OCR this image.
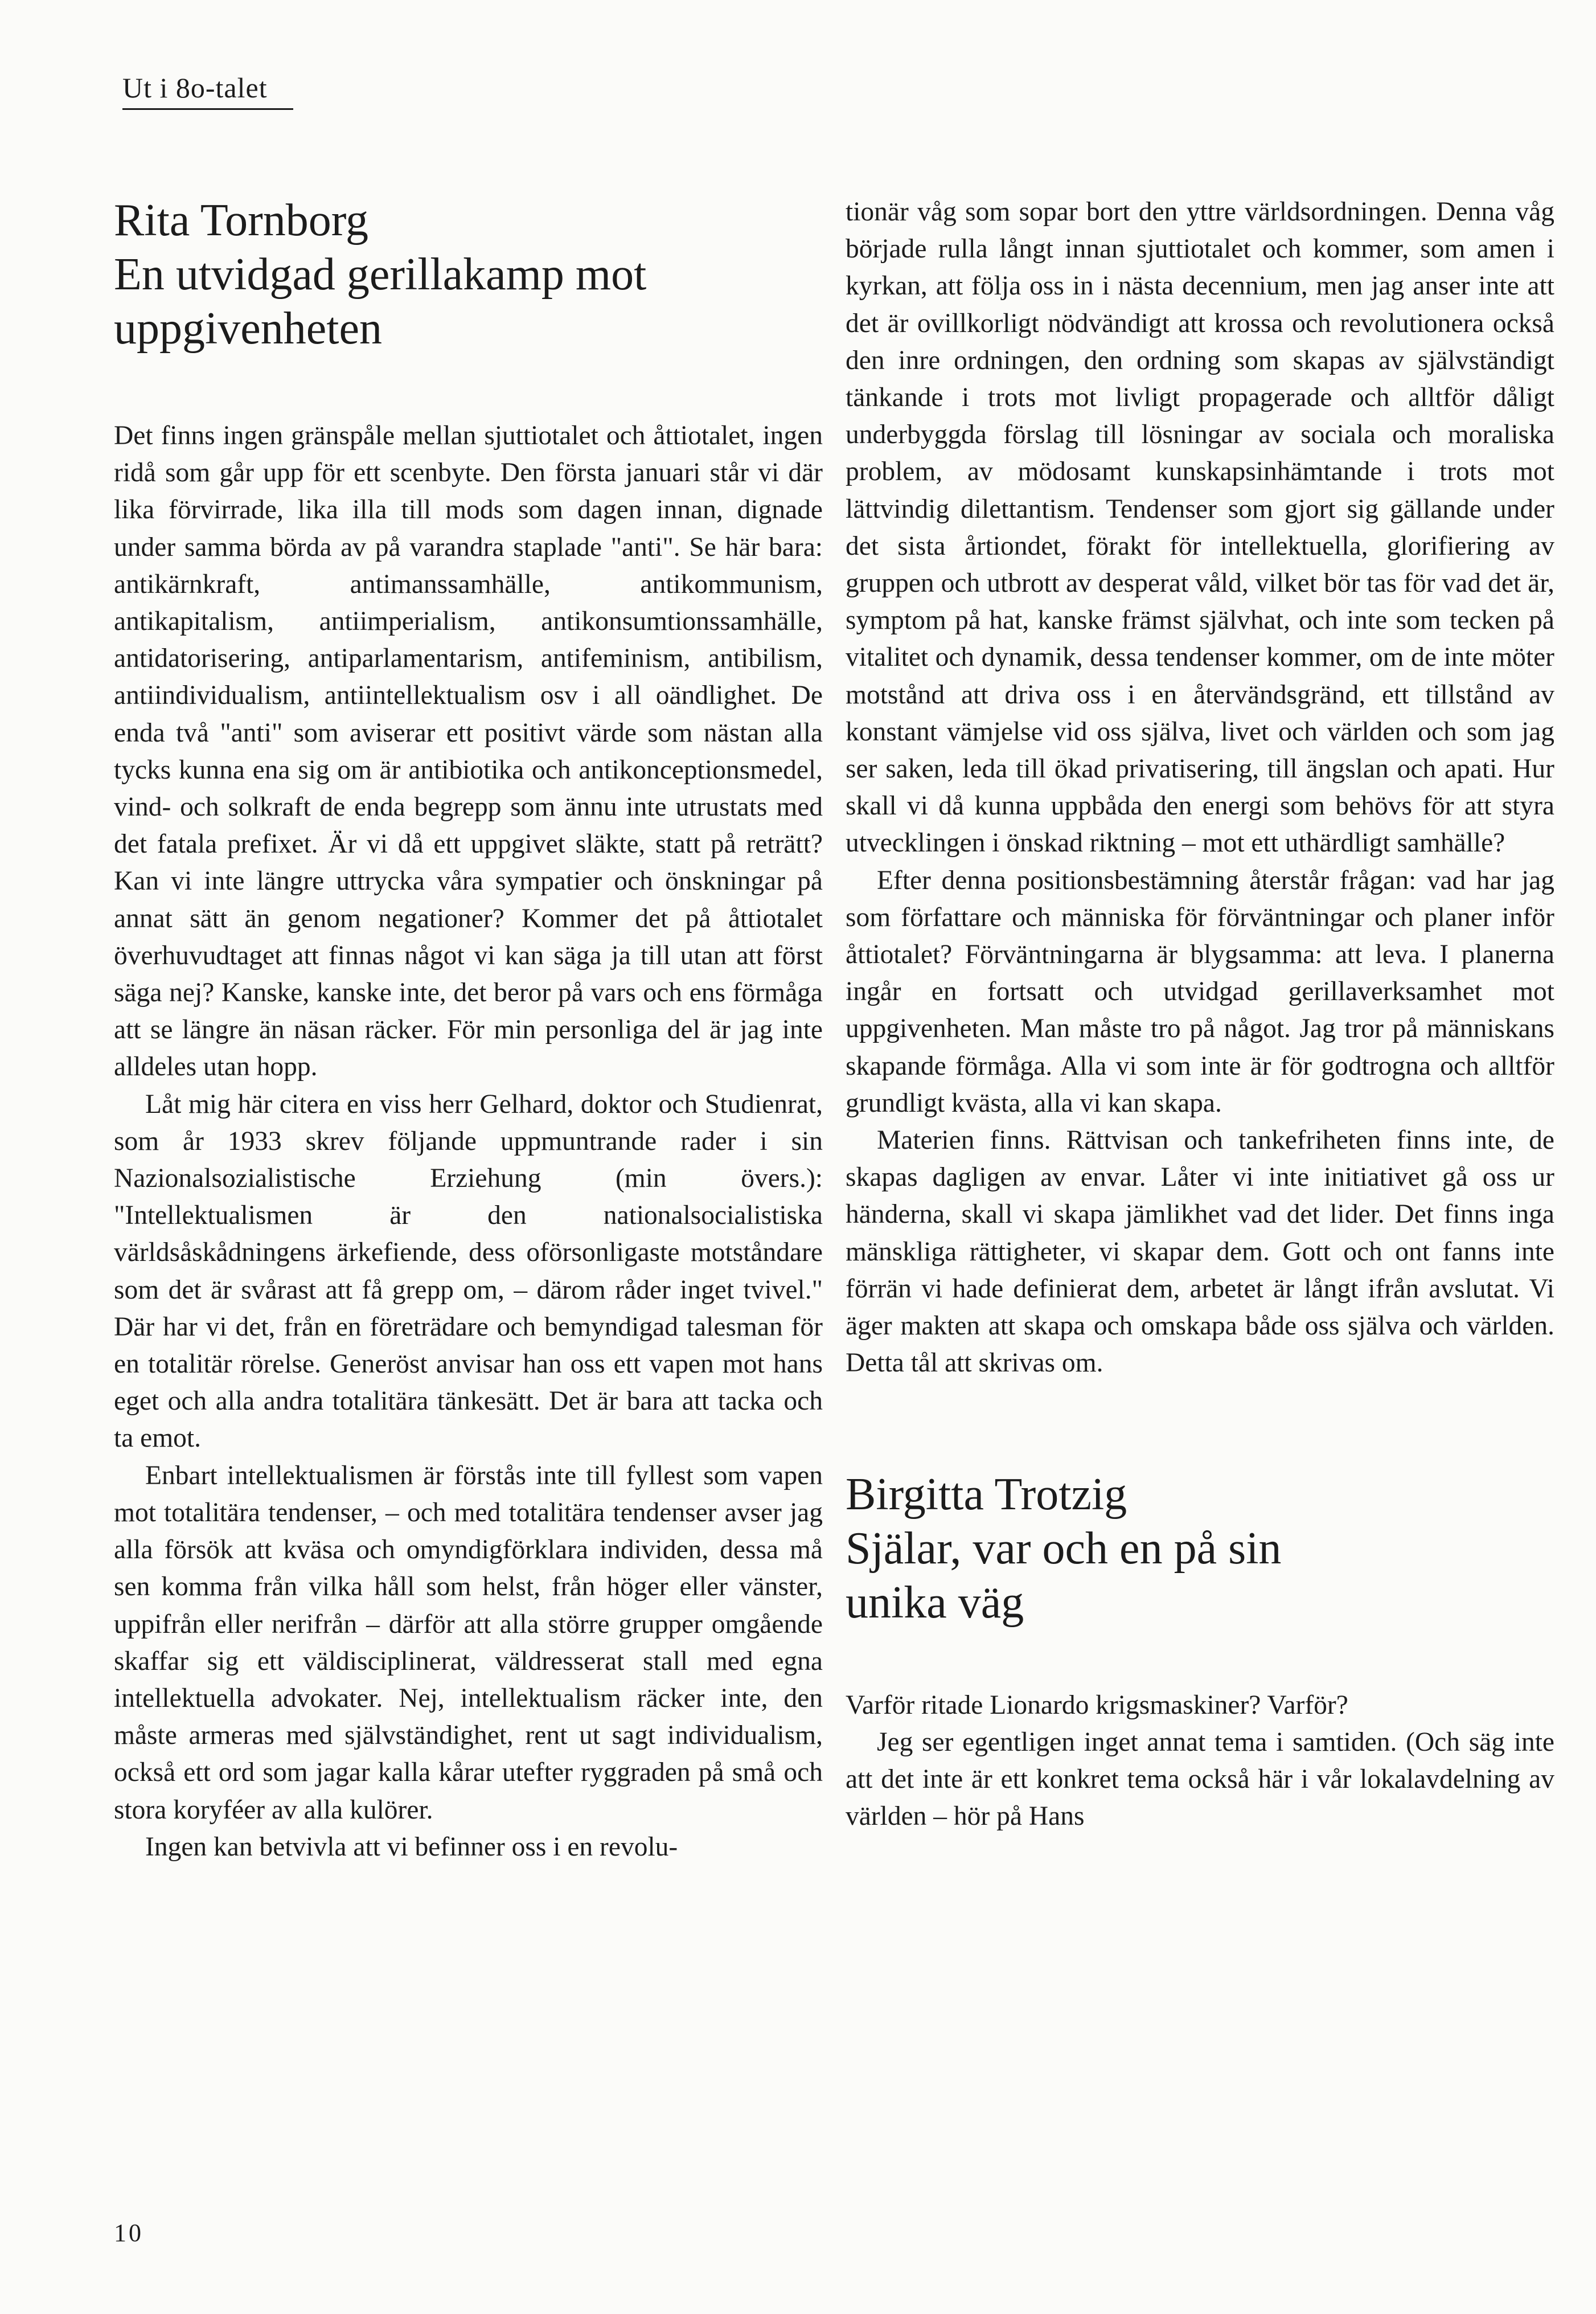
Ut i 8o-talet
Rita Tornborg
En utvidgad gerillakamp mot
uppgivenheten

Det finns ingen gränspåle mellan sjuttiotalet och åttiotalet, ingen ridå som går upp för ett scenbyte. Den första januari står vi där lika förvirrade, lika illa till mods som dagen innan, dignade under samma börda av på varandra staplade "anti". Se här bara: antikärnkraft, antimanssamhälle, antikommunism, antikapitalism, antiimperialism, antikonsumtionssamhälle, antidatorisering, antiparlamentarism, antifeminism, antibilism, antiindividualism, antiintellektualism osv i all oändlighet. De enda två "anti" som aviserar ett positivt värde som nästan alla tycks kunna ena sig om är antibiotika och antikonceptionsmedel, vind- och solkraft de enda begrepp som ännu inte utrustats med det fatala prefixet. Är vi då ett uppgivet släkte, statt på reträtt? Kan vi inte längre uttrycka våra sympatier och önskningar på annat sätt än genom negationer? Kommer det på åttiotalet överhuvudtaget att finnas något vi kan säga ja till utan att först säga nej? Kanske, kanske inte, det beror på vars och ens förmåga att se längre än näsan räcker. För min personliga del är jag inte alldeles utan hopp.

Låt mig här citera en viss herr Gelhard, doktor och Studienrat, som år 1933 skrev följande uppmuntrande rader i sin Nazionalsozialistische Erziehung (min övers.): "Intellektualismen är den nationalsocialistiska världsåskådningens ärkefiende, dess oförsonligaste motståndare som det är svårast att få grepp om, – därom råder inget tvivel." Där har vi det, från en företrädare och bemyndigad talesman för en totalitär rörelse. Generöst anvisar han oss ett vapen mot hans eget och alla andra totalitära tänkesätt. Det är bara att tacka och ta emot.

Enbart intellektualismen är förstås inte till fyllest som vapen mot totalitära tendenser, – och med totalitära tendenser avser jag alla försök att kväsa och omyndigförklara individen, dessa må sen komma från vilka håll som helst, från höger eller vänster, uppifrån eller nerifrån – därför att alla större grupper omgående skaffar sig ett väldisciplinerat, väldresserat stall med egna intellektuella advokater. Nej, intellektualism räcker inte, den måste armeras med självständighet, rent ut sagt individualism, också ett ord som jagar kalla kårar utefter ryggraden på små och stora koryféer av alla kulörer.

Ingen kan betvivla att vi befinner oss i en revolu-

tionär våg som sopar bort den yttre världsordningen. Denna våg började rulla långt innan sjuttiotalet och kommer, som amen i kyrkan, att följa oss in i nästa decennium, men jag anser inte att det är ovillkorligt nödvändigt att krossa och revolutionera också den inre ordningen, den ordning som skapas av självständigt tänkande i trots mot livligt propagerade och alltför dåligt underbyggda förslag till lösningar av sociala och moraliska problem, av mödosamt kunskapsinhämtande i trots mot lättvindig dilettantism. Tendenser som gjort sig gällande under det sista årtiondet, förakt för intellektuella, glorifiering av gruppen och utbrott av desperat våld, vilket bör tas för vad det är, symptom på hat, kanske främst självhat, och inte som tecken på vitalitet och dynamik, dessa tendenser kommer, om de inte möter motstånd att driva oss i en återvändsgränd, ett tillstånd av konstant vämjelse vid oss själva, livet och världen och som jag ser saken, leda till ökad privatisering, till ängslan och apati. Hur skall vi då kunna uppbåda den energi som behövs för att styra utvecklingen i önskad riktning – mot ett uthärdligt samhälle?

Efter denna positionsbestämning återstår frågan: vad har jag som författare och människa för förväntningar och planer inför åttiotalet? Förväntningarna är blygsamma: att leva. I planerna ingår en fortsatt och utvidgad gerillaverksamhet mot uppgivenheten. Man måste tro på något. Jag tror på människans skapande förmåga. Alla vi som inte är för godtrogna och alltför grundligt kvästa, alla vi kan skapa.

Materien finns. Rättvisan och tankefriheten finns inte, de skapas dagligen av envar. Låter vi inte initiativet gå oss ur händerna, skall vi skapa jämlikhet vad det lider. Det finns inga mänskliga rättigheter, vi skapar dem. Gott och ont fanns inte förrän vi hade definierat dem, arbetet är långt ifrån avslutat. Vi äger makten att skapa och omskapa både oss själva och världen. Detta tål att skrivas om.

Birgitta Trotzig
Själar, var och en på sin
unika väg

Varför ritade Lionardo krigsmaskiner? Varför?

Jeg ser egentligen inget annat tema i samtiden. (Och säg inte att det inte är ett konkret tema också här i vår lokalavdelning av världen – hör på Hans

10
